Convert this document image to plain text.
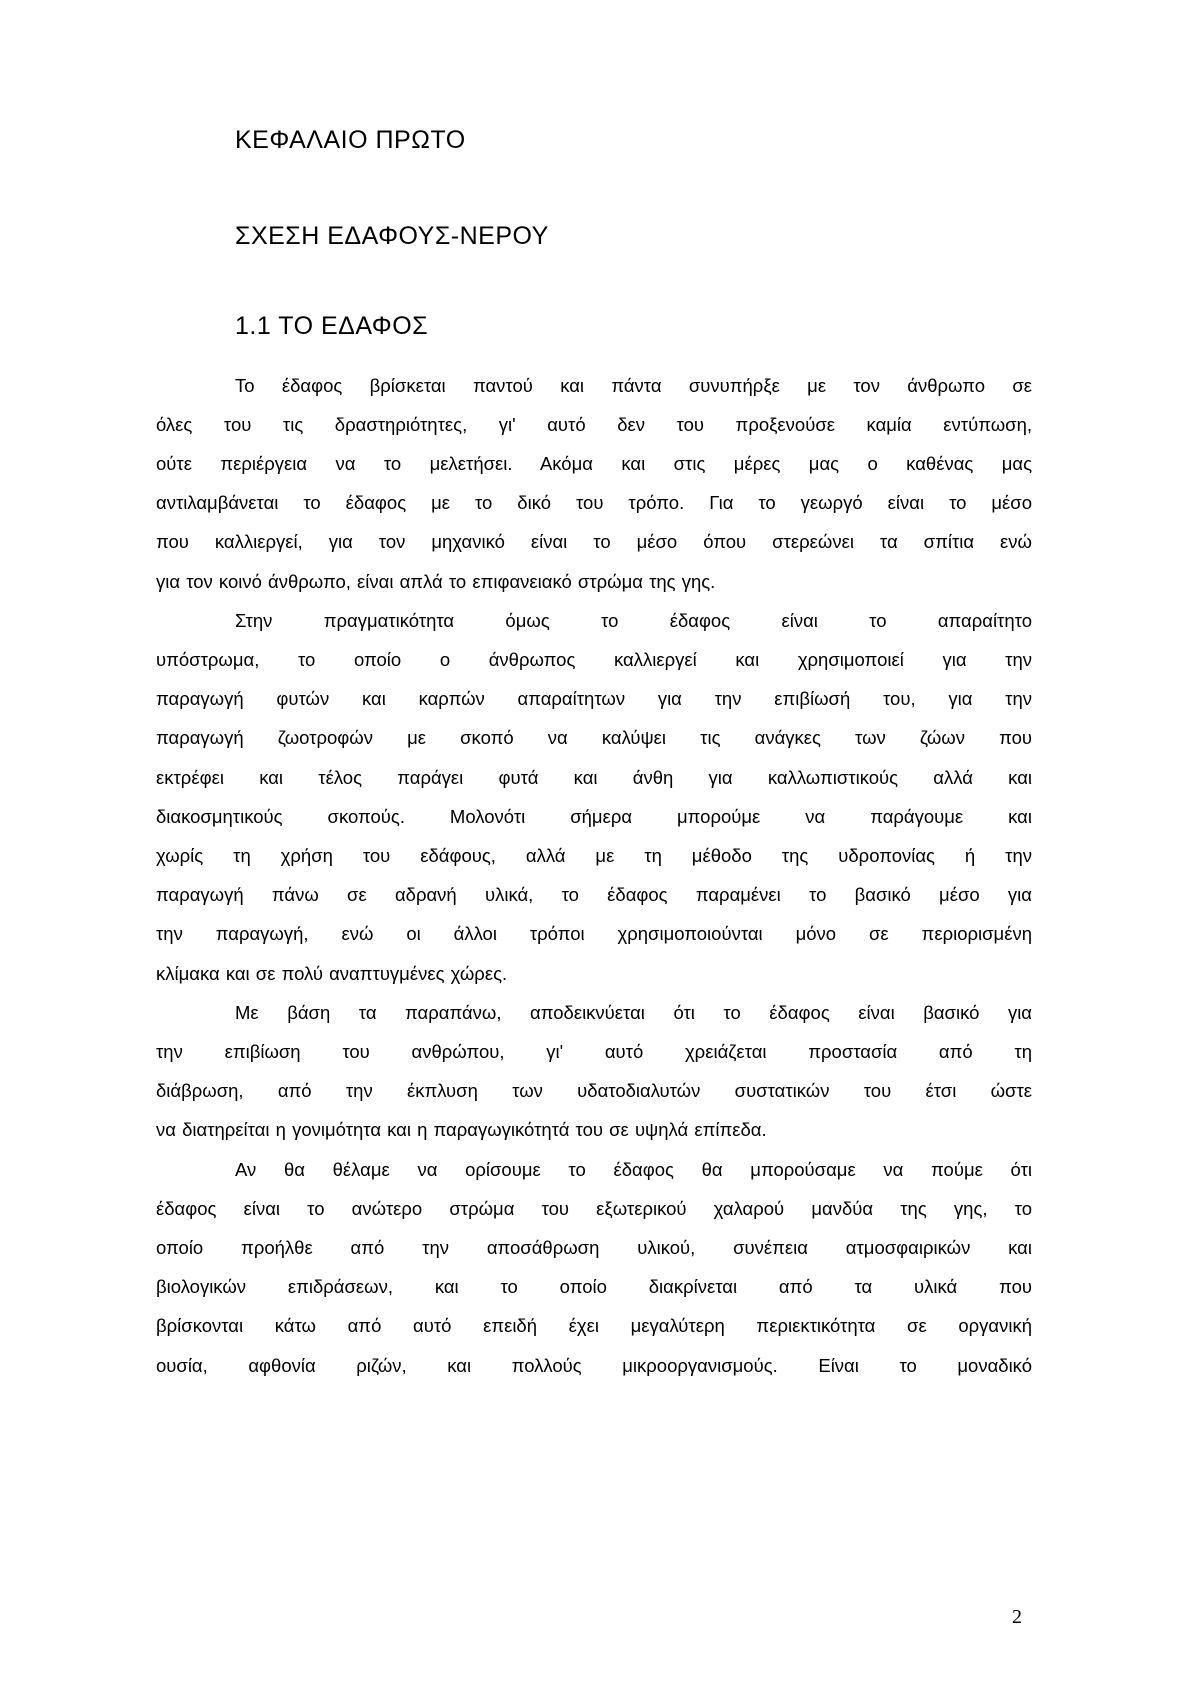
ΚΕΦΑΛΑΙΟ ΠΡΩΤΟ
ΣΧΕΣΗ ΕΔΑΦΟΥΣ-ΝΕΡΟΥ
1.1 ΤΟ ΕΔΑΦΟΣ
Το έδαφος βρίσκεται παντού και πάντα συνυπήρξε με τον άνθρωπο σε
όλες του τις δραστηριότητες, γι' αυτό δεν του προξενούσε καμία εντύπωση,
ούτε περιέργεια να το μελετήσει. Ακόμα και στις μέρες μας ο καθένας μας
αντιλαμβάνεται το έδαφος με το δικό του τρόπο. Για το γεωργό είναι το μέσο
που καλλιεργεί, για τον μηχανικό είναι το μέσο όπου στερεώνει τα σπίτια ενώ
για τον κοινό άνθρωπο, είναι απλά το επιφανειακό στρώμα της γης.
Στην πραγματικότητα όμως το έδαφος είναι το απαραίτητο
υπόστρωμα, το οποίο ο άνθρωπος καλλιεργεί και χρησιμοποιεί για την
παραγωγή φυτών και καρπών απαραίτητων για την επιβίωσή του, για την
παραγωγή ζωοτροφών με σκοπό να καλύψει τις ανάγκες των ζώων που
εκτρέφει και τέλος παράγει φυτά και άνθη για καλλωπιστικούς αλλά και
διακοσμητικούς σκοπούς. Μολονότι σήμερα μπορούμε να παράγουμε και
χωρίς τη χρήση του εδάφους, αλλά με τη μέθοδο της υδροπονίας ή την
παραγωγή πάνω σε αδρανή υλικά, το έδαφος παραμένει το βασικό μέσο για
την παραγωγή, ενώ οι άλλοι τρόποι χρησιμοποιούνται μόνο σε περιορισμένη
κλίμακα και σε πολύ αναπτυγμένες χώρες.
Με βάση τα παραπάνω, αποδεικνύεται ότι το έδαφος είναι βασικό για
την επιβίωση του ανθρώπου, γι' αυτό χρειάζεται προστασία από τη
διάβρωση, από την έκπλυση των υδατοδιαλυτών συστατικών του έτσι ώστε
να διατηρείται η γονιμότητα και η παραγωγικότητά του σε υψηλά επίπεδα.
Αν θα θέλαμε να ορίσουμε το έδαφος θα μπορούσαμε να πούμε ότι
έδαφος είναι το ανώτερο στρώμα του εξωτερικού χαλαρού μανδύα της γης, το
οποίο προήλθε από την αποσάθρωση υλικού, συνέπεια ατμοσφαιρικών και
βιολογικών επιδράσεων, και το οποίο διακρίνεται από τα υλικά που
βρίσκονται κάτω από αυτό επειδή έχει μεγαλύτερη περιεκτικότητα σε οργανική
ουσία, αφθονία ριζών, και πολλούς μικροοργανισμούς. Είναι το μοναδικό
2
